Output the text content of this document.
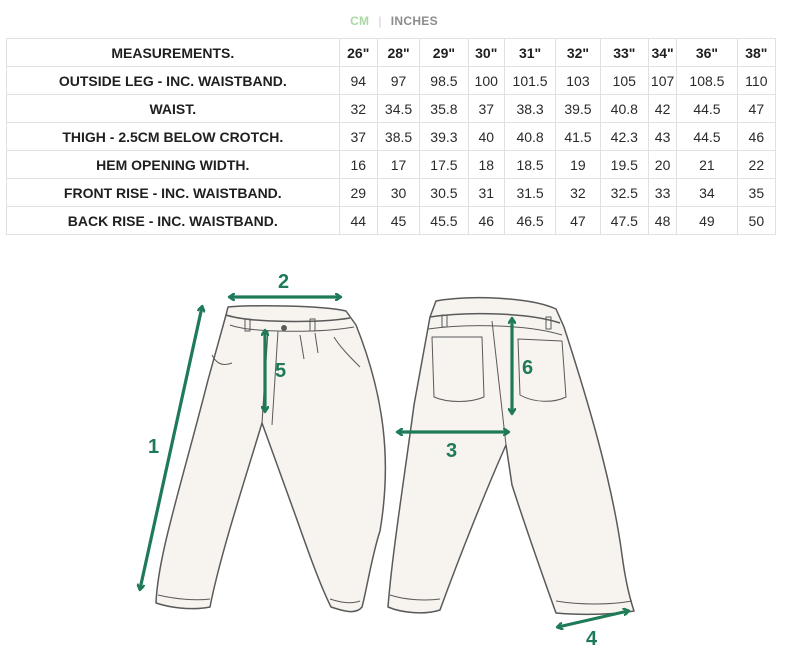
CM | INCHES
MEASUREMENTS.	26"	28"	29"	30"	31"	32"	33"	34"	36"	38"
OUTSIDE LEG - INC. WAISTBAND.	94	97	98.5	100	101.5	103	105	107	108.5	110
WAIST.	32	34.5	35.8	37	38.3	39.5	40.8	42	44.5	47
THIGH - 2.5CM BELOW CROTCH.	37	38.5	39.3	40	40.8	41.5	42.3	43	44.5	46
HEM OPENING WIDTH.	16	17	17.5	18	18.5	19	19.5	20	21	22
FRONT RISE - INC. WAISTBAND.	29	30	30.5	31	31.5	32	32.5	33	34	35
BACK RISE - INC. WAISTBAND.	44	45	45.5	46	46.5	47	47.5	48	49	50
1
2
3
4
5	6
